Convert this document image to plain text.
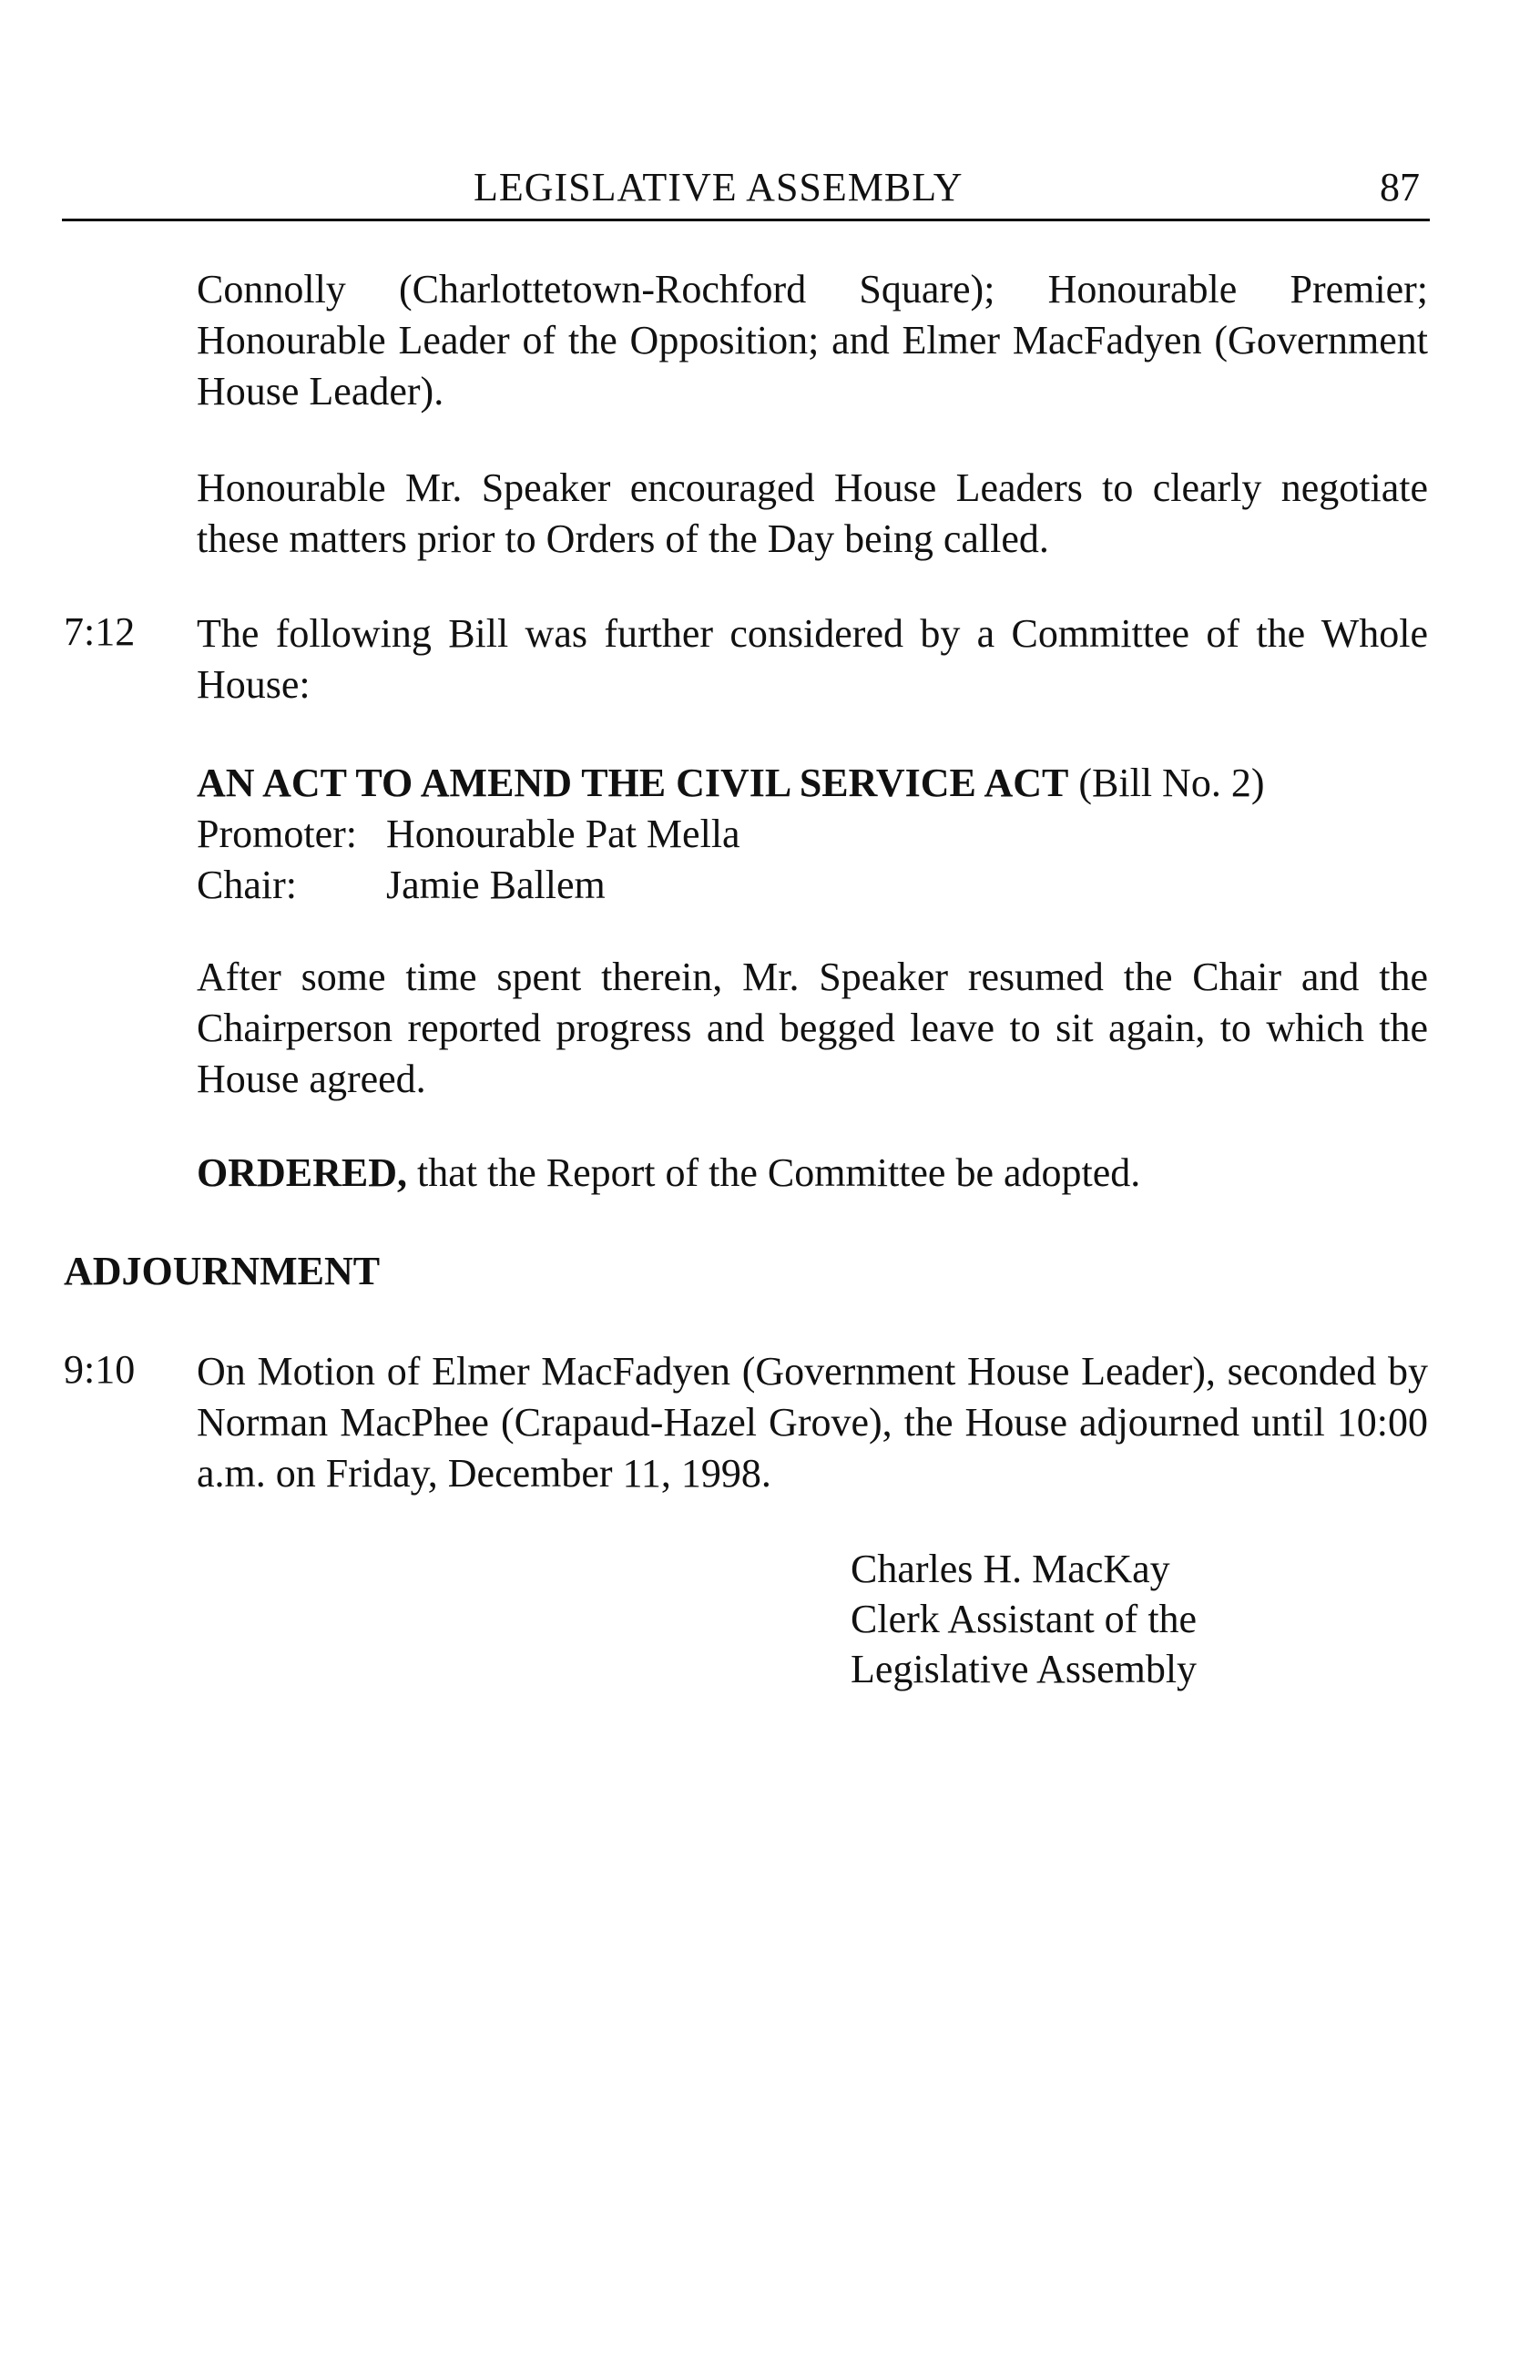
LEGISLATIVE ASSEMBLY	87
Connolly (Charlottetown-Rochford Square); Honourable Premier;
Honourable Leader of the Opposition; and Elmer MacFadyen (Government
House Leader).
Honourable Mr. Speaker encouraged House Leaders to clearly negotiate
these matters prior to Orders of the Day being called.
7:12 The following Bill was further considered by a Committee of the Whole
House:
AN ACT TO AMEND THE CIVIL SERVICE ACT (Bill No. 2)
Promoter: Honourable Pat Mella
Chair: Jamie Ballem
After some time spent therein, Mr. Speaker resumed the Chair and the
Chairperson reported progress and begged leave to sit again, to which the
House agreed.
ORDERED, that the Report of the Committee be adopted.
ADJOURNMENT
9:10 On Motion of Elmer MacFadyen (Government House Leader), seconded by
Norman MacPhee (Crapaud-Hazel Grove), the House adjourned until 10:00
a.m. on Friday, December 11, 1998.
Charles H. MacKay
Clerk Assistant of the
Legislative Assembly
